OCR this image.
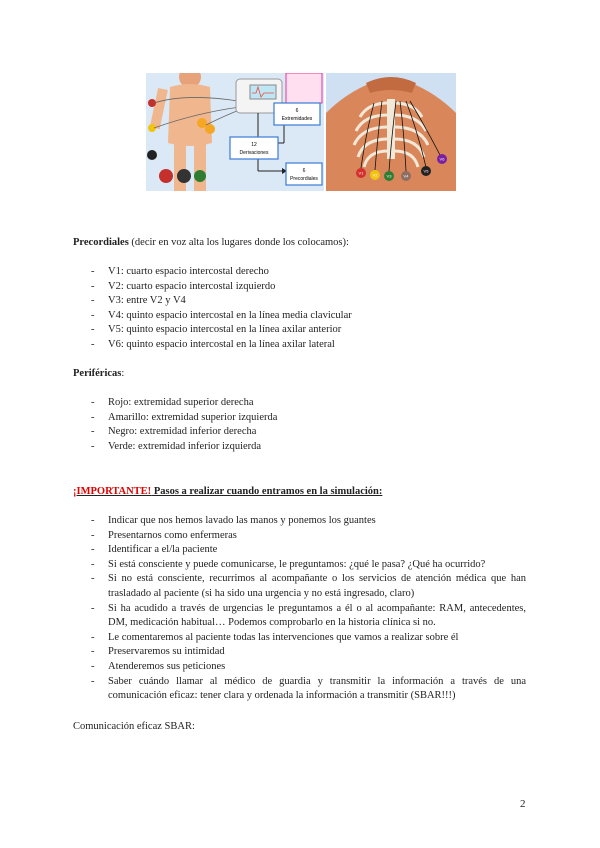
12
Derivaciones
6
Extremidades
6
Precordiales
V1 V2 V3	V4
V5
V6
Precordiales (decir en voz alta los lugares donde los colocamos):
- V1: cuarto espacio intercostal derecho
- V2: cuarto espacio intercostal izquierdo
- V3: entre V2 y V4
- V4: quinto espacio intercostal en la línea media clavicular
- V5: quinto espacio intercostal en la línea axilar anterior
- V6: quinto espacio intercostal en la línea axilar lateral
Periféricas:
- Rojo: extremidad superior derecha
- Amarillo: extremidad superior izquierda
- Negro: extremidad inferior derecha
- Verde: extremidad inferior izquierda
¡IMPORTANTE! Pasos a realizar cuando entramos en la simulación:
- Indicar que nos hemos lavado las manos y ponemos los guantes
- Presentarnos como enfermeras
- Identificar a el/la paciente
- Si está consciente y puede comunicarse, le preguntamos: ¿qué le pasa? ¿Qué ha ocurrido?
- Si no está consciente, recurrimos al acompañante o los servicios de atención médica que han trasladado al paciente (si ha sido una urgencia y no está ingresado, claro)
- Si ha acudido a través de urgencias le preguntamos a él o al acompañante: RAM, antecedentes, DM, medicación habitual… Podemos comprobarlo en la historia clínica si no.
- Le comentaremos al paciente todas las intervenciones que vamos a realizar sobre él
- Preservaremos su intimidad
- Atenderemos sus peticiones
- Saber cuándo llamar al médico de guardia y transmitir la información a través de una comunicación eficaz: tener clara y ordenada la información a transmitir (SBAR!!!)
Comunicación eficaz SBAR:
2
